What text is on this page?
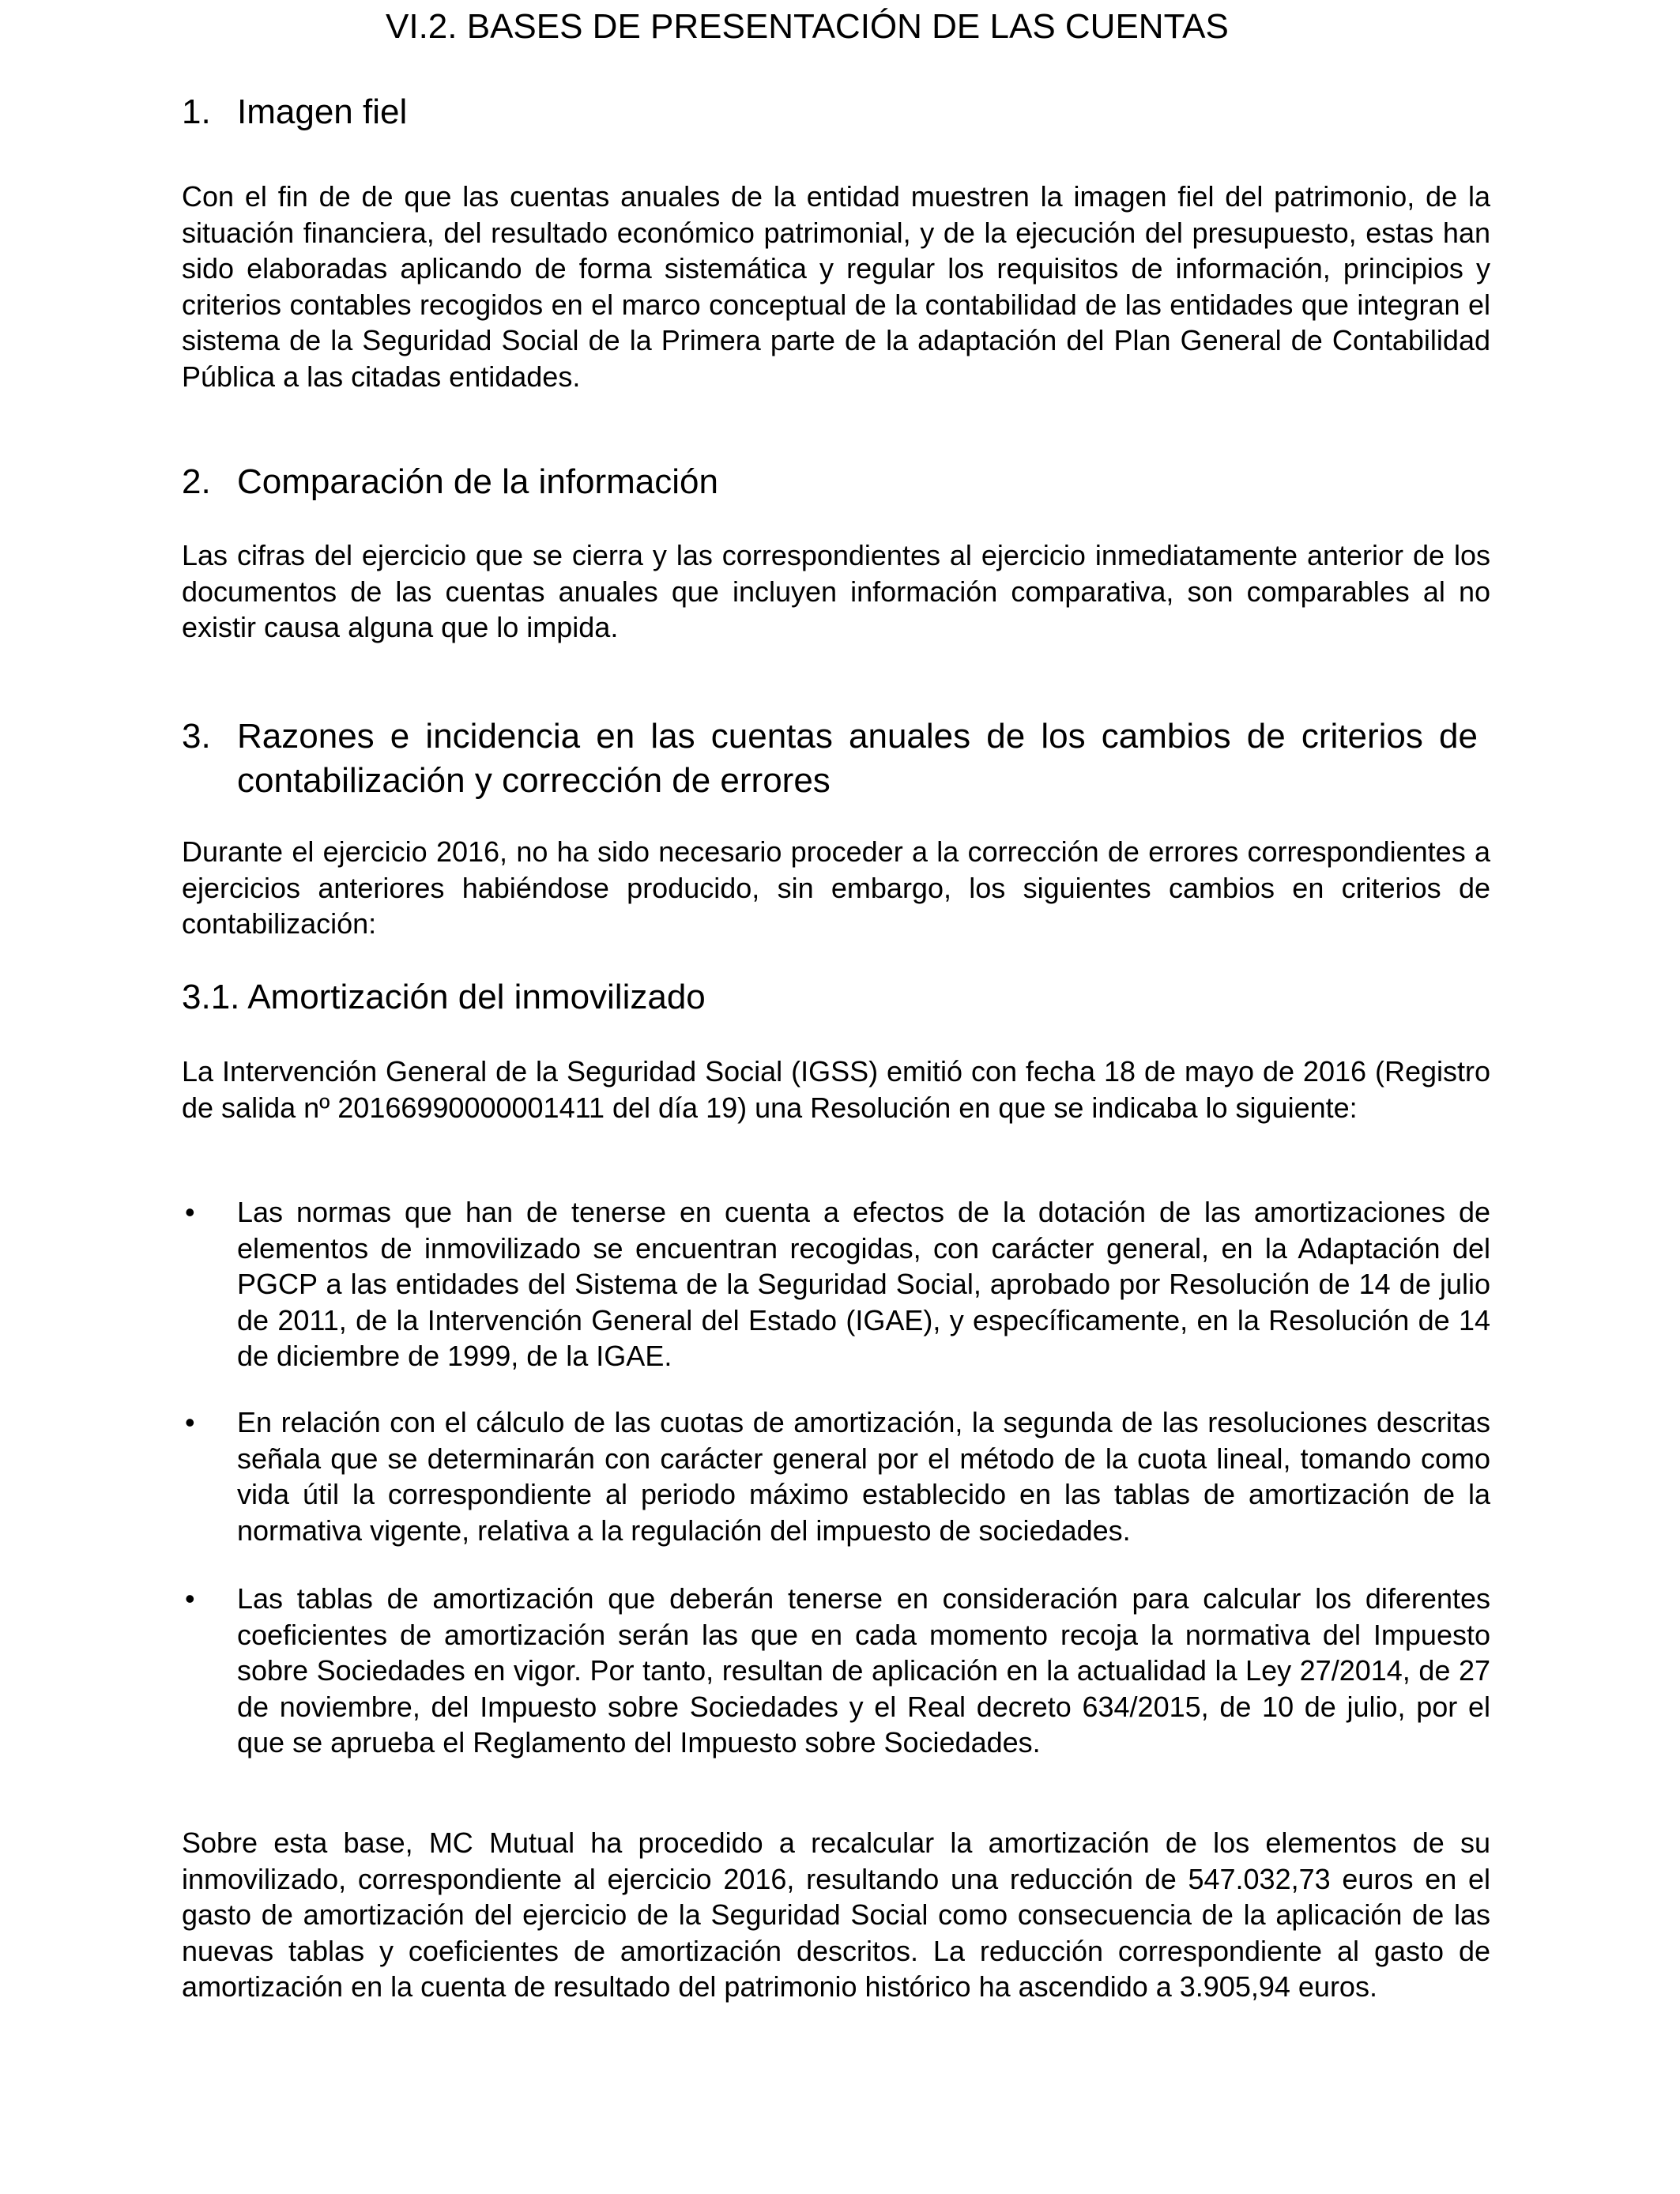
VI.2. BASES DE PRESENTACIÓN DE LAS CUENTAS
1. Imagen fiel

Con el fin de de que las cuentas anuales de la entidad muestren la imagen fiel del patrimonio, de la situación financiera, del resultado económico patrimonial, y de la ejecución del presupuesto, estas han sido elaboradas aplicando de forma sistemática y regular los requisitos de información, principios y criterios contables recogidos en el marco conceptual de la contabilidad de las entidades que integran el sistema de la Seguridad Social de la Primera parte de la adaptación del Plan General de Contabilidad Pública a las citadas entidades.

2. Comparación de la información

Las cifras del ejercicio que se cierra y las correspondientes al ejercicio inmediatamente anterior de los documentos de las cuentas anuales que incluyen información comparativa, son comparables al no existir causa alguna que lo impida.

3. Razones e incidencia en las cuentas anuales de los cambios de criterios de contabilización y corrección de errores

Durante el ejercicio 2016, no ha sido necesario proceder a la corrección de errores correspondientes a ejercicios anteriores habiéndose producido, sin embargo, los siguientes cambios en criterios de contabilización:

3.1. Amortización del inmovilizado

La Intervención General de la Seguridad Social (IGSS) emitió con fecha 18 de mayo de 2016 (Registro de salida nº 20166990000001411 del día 19) una Resolución en que se indicaba lo siguiente:

• Las normas que han de tenerse en cuenta a efectos de la dotación de las amortizaciones de elementos de inmovilizado se encuentran recogidas, con carácter general, en la Adaptación del PGCP a las entidades del Sistema de la Seguridad Social, aprobado por Resolución de 14 de julio de 2011, de la Intervención General del Estado (IGAE), y específicamente, en la Resolución de 14 de diciembre de 1999, de la IGAE.
• En relación con el cálculo de las cuotas de amortización, la segunda de las resoluciones descritas señala que se determinarán con carácter general por el método de la cuota lineal, tomando como vida útil la correspondiente al periodo máximo establecido en las tablas de amortización de la normativa vigente, relativa a la regulación del impuesto de sociedades.
• Las tablas de amortización que deberán tenerse en consideración para calcular los diferentes coeficientes de amortización serán las que en cada momento recoja la normativa del Impuesto sobre Sociedades en vigor. Por tanto, resultan de aplicación en la actualidad la Ley 27/2014, de 27 de noviembre, del Impuesto sobre Sociedades y el Real decreto 634/2015, de 10 de julio, por el que se aprueba el Reglamento del Impuesto sobre Sociedades.

Sobre esta base, MC Mutual ha procedido a recalcular la amortización de los elementos de su inmovilizado, correspondiente al ejercicio 2016, resultando una reducción de 547.032,73 euros en el gasto de amortización del ejercicio de la Seguridad Social como consecuencia de la aplicación de las nuevas tablas y coeficientes de amortización descritos. La reducción correspondiente al gasto de amortización en la cuenta de resultado del patrimonio histórico ha ascendido a 3.905,94 euros.
